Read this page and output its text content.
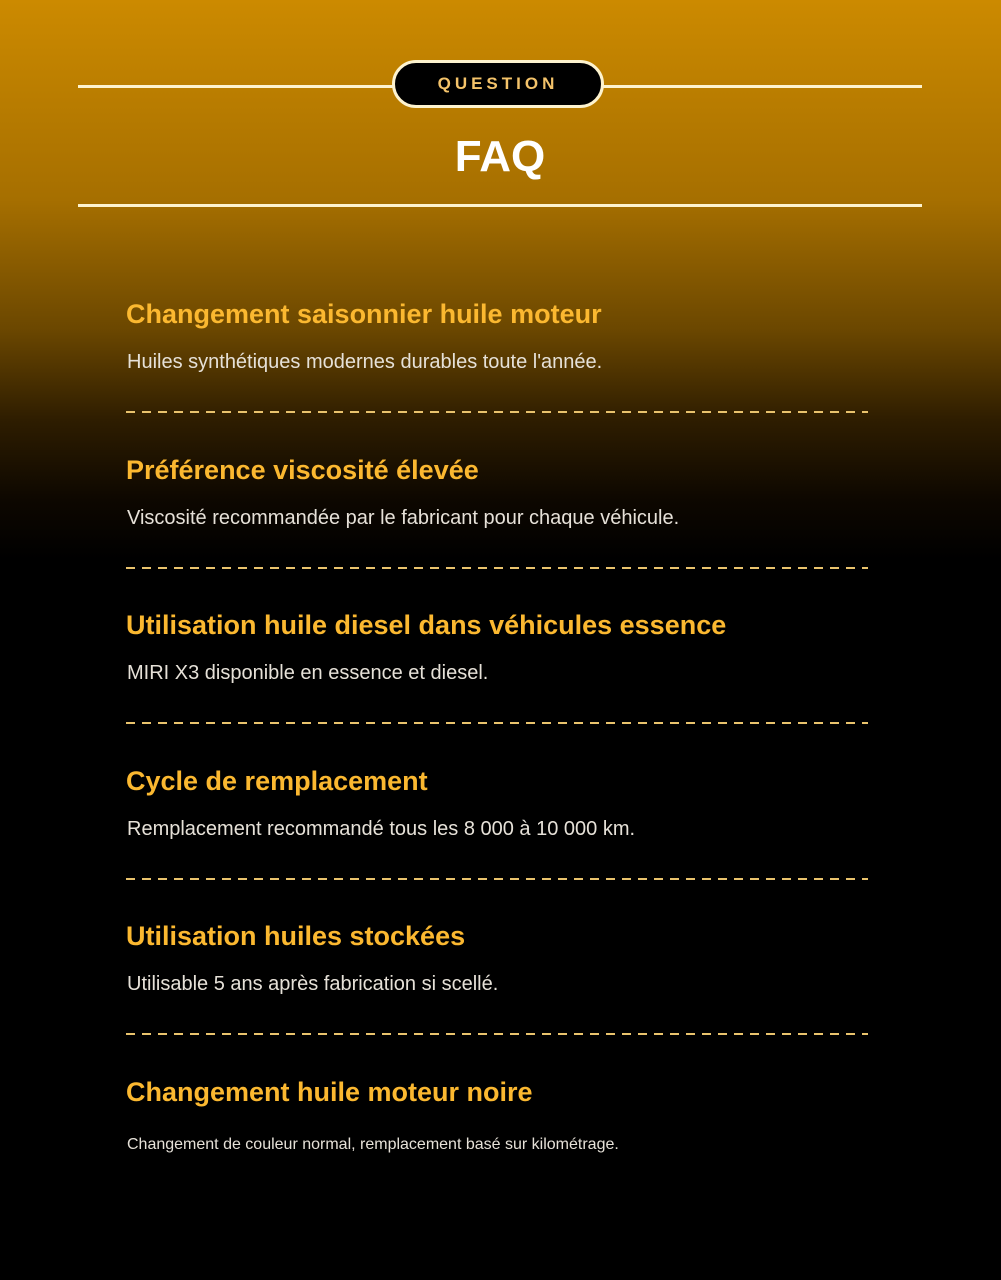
QUESTION
FAQ
Changement saisonnier huile moteur
Huiles synthétiques modernes durables toute l'année.
Préférence viscosité élevée
Viscosité recommandée par le fabricant pour chaque véhicule.
Utilisation huile diesel dans véhicules essence
MIRI X3 disponible en essence et diesel.
Cycle de remplacement
Remplacement recommandé tous les 8 000 à 10 000 km.
Utilisation huiles stockées
Utilisable 5 ans après fabrication si scellé.
Changement huile moteur noire
Changement de couleur normal, remplacement basé sur kilométrage.
